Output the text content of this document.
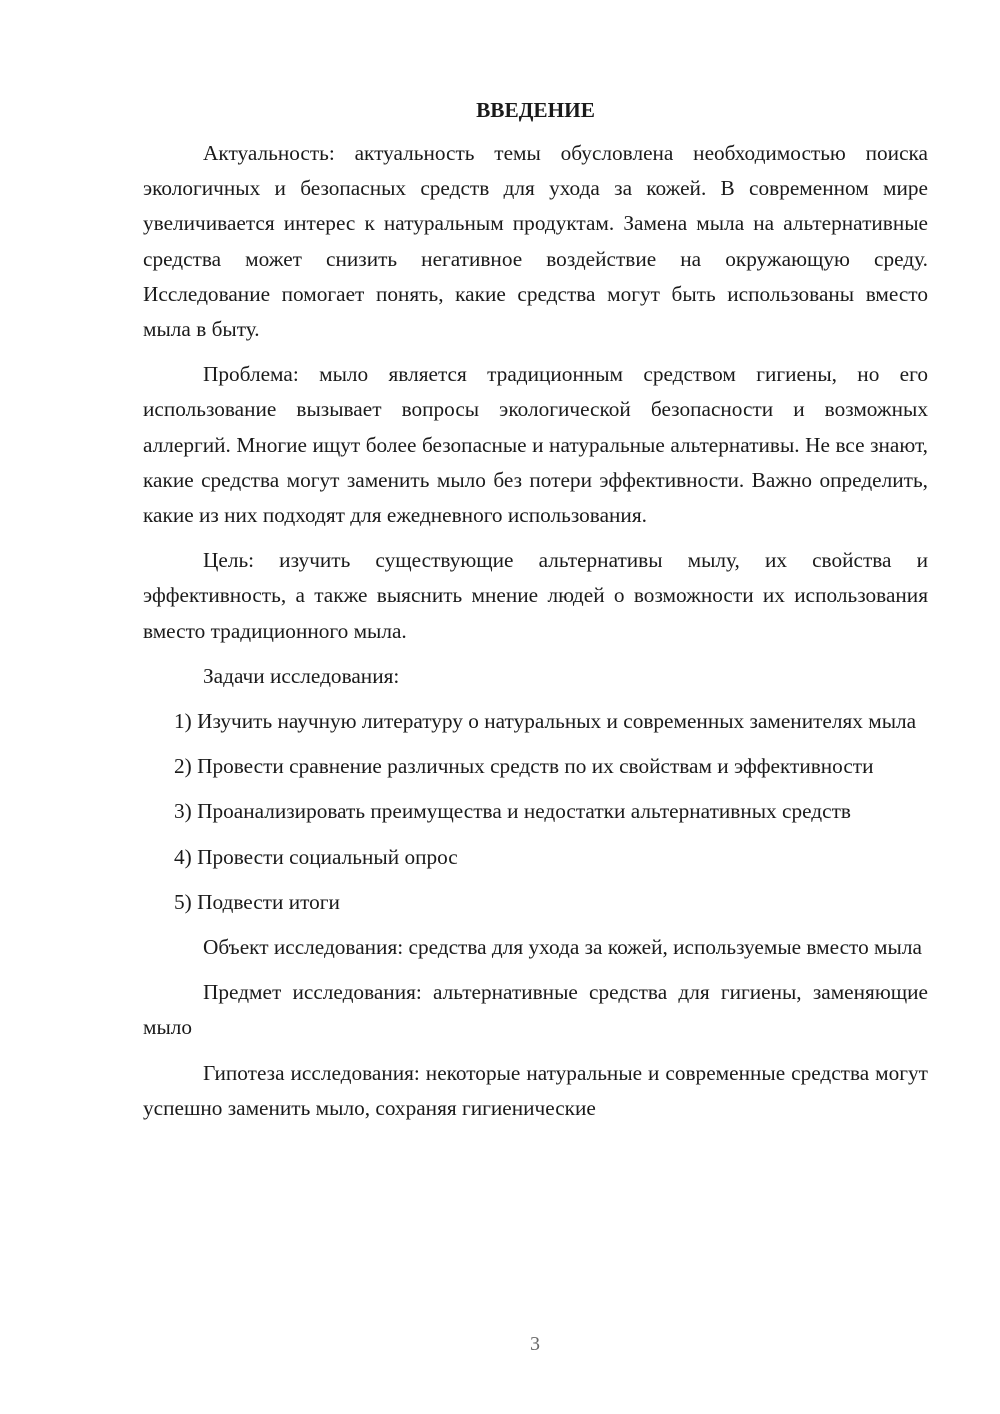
ВВЕДЕНИЕ

Актуальность: актуальность темы обусловлена необходимостью поиска экологичных и безопасных средств для ухода за кожей. В современном мире увеличивается интерес к натуральным продуктам. Замена мыла на альтернативные средства может снизить негативное воздействие на окружающую среду. Исследование помогает понять, какие средства могут быть использованы вместо мыла в быту.

Проблема: мыло является традиционным средством гигиены, но его использование вызывает вопросы экологической безопасности и возможных аллергий. Многие ищут более безопасные и натуральные альтернативы. Не все знают, какие средства могут заменить мыло без потери эффективности. Важно определить, какие из них подходят для ежедневного использования.

Цель: изучить существующие альтернативы мылу, их свойства и эффективность, а также выяснить мнение людей о возможности их использования вместо традиционного мыла.

Задачи исследования:

1) Изучить научную литературу о натуральных и современных заменителях мыла

2) Провести сравнение различных средств по их свойствам и эффективности

3) Проанализировать преимущества и недостатки альтернативных средств

4) Провести социальный опрос

5) Подвести итоги

Объект исследования: средства для ухода за кожей, используемые вместо мыла

Предмет исследования: альтернативные средства для гигиены, заменяющие мыло

Гипотеза исследования: некоторые натуральные и современные средства могут успешно заменить мыло, сохраняя гигиенические

3
